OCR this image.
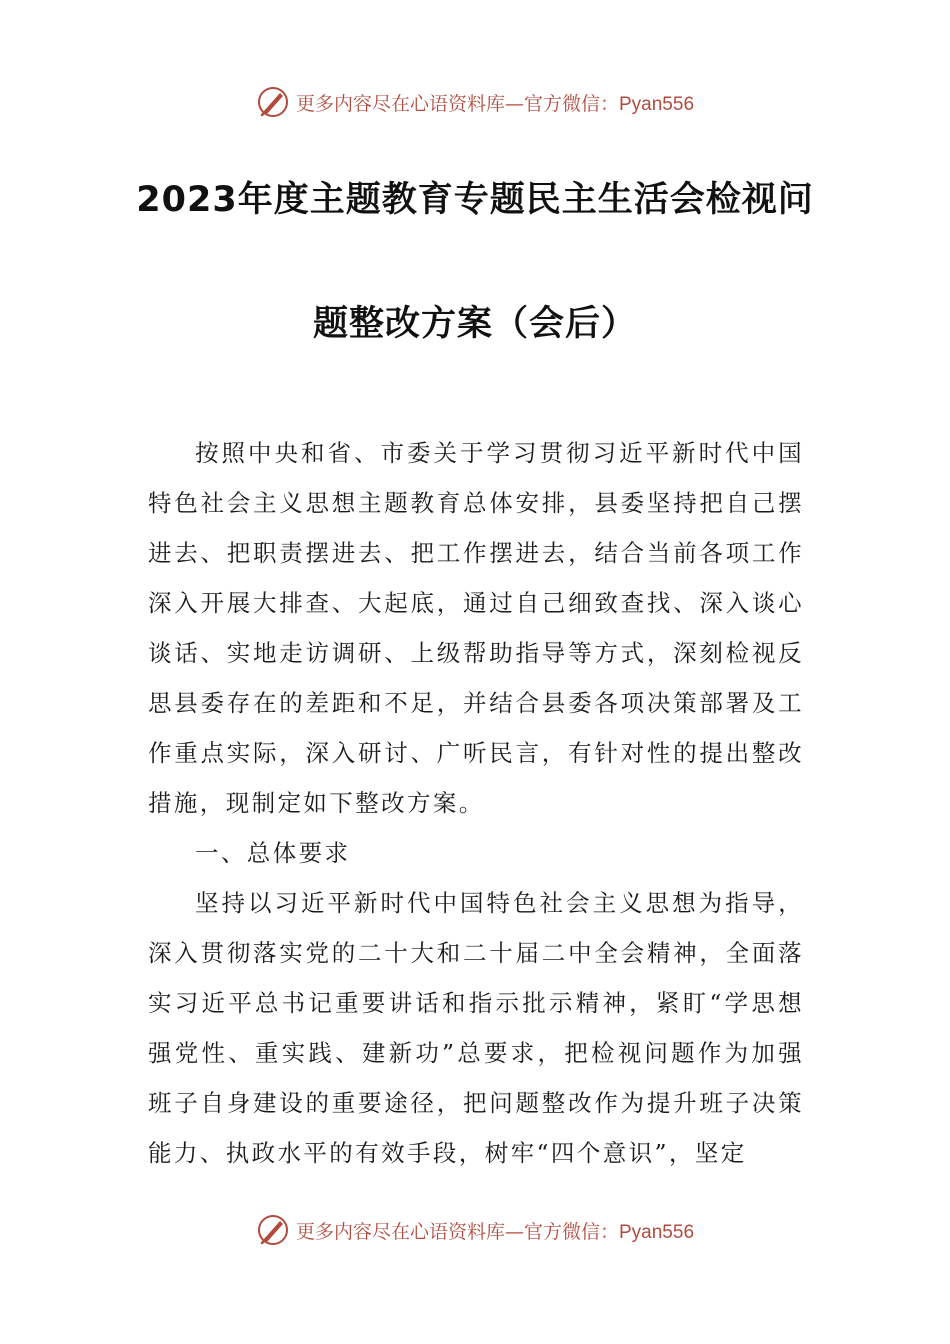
更多内容尽在心语资料库—官方微信：Pyan556
2023年度主题教育专题民主生活会检视问
题整改方案（会后）

按照中央和省、市委关于学习贯彻习近平新时代中国特色社会主义思想主题教育总体安排，县委坚持把自己摆进去、把职责摆进去、把工作摆进去，结合当前各项工作深入开展大排查、大起底，通过自己细致查找、深入谈心谈话、实地走访调研、上级帮助指导等方式，深刻检视反思县委存在的差距和不足，并结合县委各项决策部署及工作重点实际，深入研讨、广听民言，有针对性的提出整改措施，现制定如下整改方案。

一、总体要求

坚持以习近平新时代中国特色社会主义思想为指导，深入贯彻落实党的二十大和二十届二中全会精神，全面落实习近平总书记重要讲话和指示批示精神，紧盯“学思想强党性、重实践、建新功”总要求，把检视问题作为加强班子自身建设的重要途径，把问题整改作为提升班子决策能力、执政水平的有效手段，树牢“四个意识”，坚定

更多内容尽在心语资料库—官方微信：Pyan556
